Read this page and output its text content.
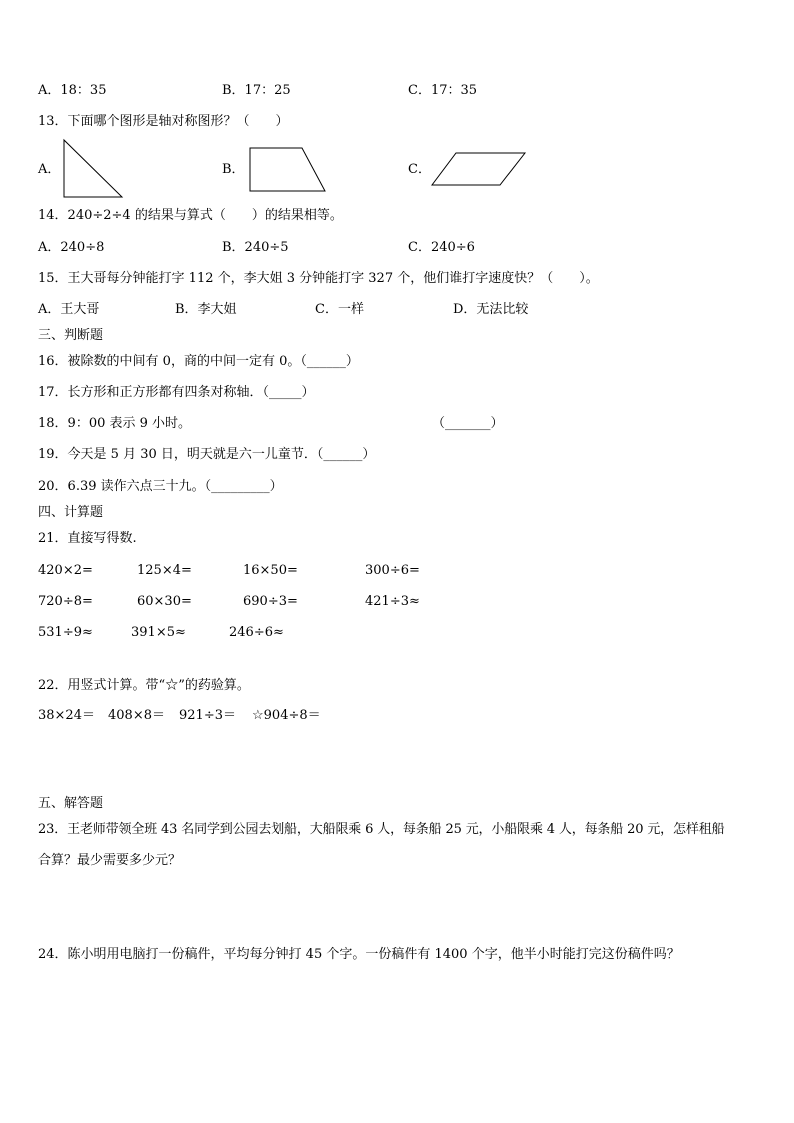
A．18：35	B．17：25	C．17：35
13．下面哪个图形是轴对称图形？（　　）
A．	B．	C．
14．240÷2÷4 的结果与算式（　　）的结果相等。
A．240÷8	B．240÷5	C．240÷6
15．王大哥每分钟能打字 112 个，李大姐 3 分钟能打字 327 个，他们谁打字速度快？（　　）。
A．王大哥	B．李大姐	C．一样	D．无法比较
三、判断题
16．被除数的中间有 0，商的中间一定有 0。（______）
17．长方形和正方形都有四条对称轴．（_____）
18．9：00 表示 9 小时。	（_______）
19．今天是 5 月 30 日，明天就是六一儿童节．（______）
20．6.39 读作六点三十九。（_________）
四、计算题
21．直接写得数.
420×2=	125×4=	16×50=	300÷6=
720÷8=	60×30=	690÷3=	421÷3≈
531÷9≈	391×5≈	246÷6≈
22．用竖式计算。带“☆”的药验算。
38×24＝ 408×8＝ 921÷3＝ ☆904÷8＝
五、解答题
23．王老师带领全班 43 名同学到公园去划船，大船限乘 6 人，每条船 25 元，小船限乘 4 人，每条船 20 元，怎样租船
合算？最少需要多少元？
24．陈小明用电脑打一份稿件，平均每分钟打 45 个字。一份稿件有 1400 个字，他半小时能打完这份稿件吗？
